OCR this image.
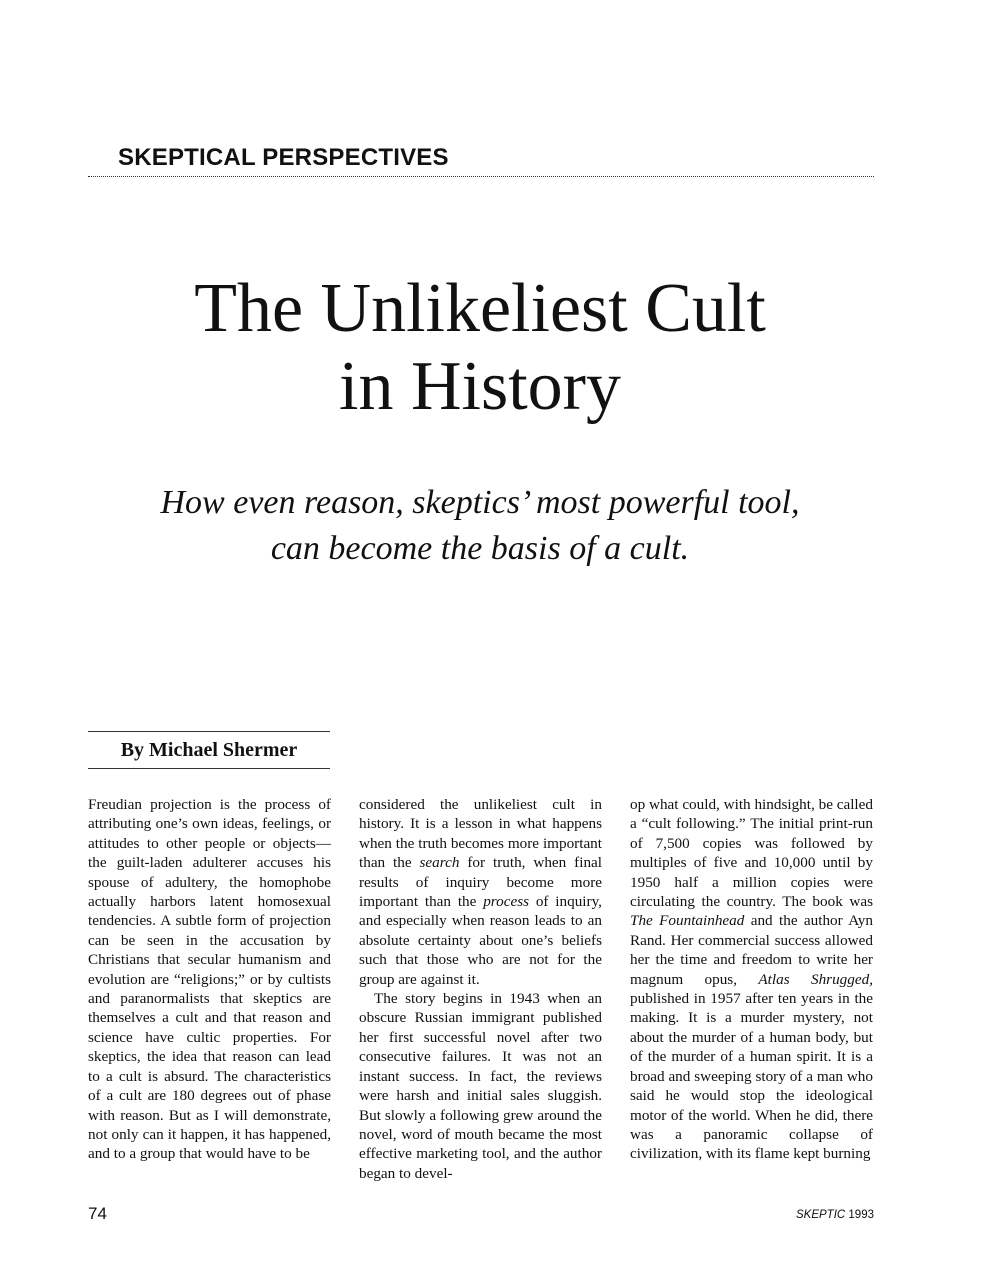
SKEPTICAL PERSPECTIVES
The Unlikeliest Cult
in History
How even reason, skeptics’ most powerful tool,
can become the basis of a cult.
By Michael Shermer

Freudian projection is the process of attributing one’s own ideas, feelings, or attitudes to other people or objects—the guilt-laden adulterer accuses his spouse of adultery, the homophobe actually harbors latent homosexual tendencies. A subtle form of projection can be seen in the accusation by Christians that secular humanism and evolution are “religions;” or by cultists and paranormalists that skeptics are themselves a cult and that reason and science have cultic properties. For skeptics, the idea that reason can lead to a cult is absurd. The characteristics of a cult are 180 degrees out of phase with reason. But as I will demonstrate, not only can it happen, it has happened, and to a group that would have to be

considered the unlikeliest cult in history. It is a lesson in what happens when the truth becomes more important than the search for truth, when final results of inquiry become more important than the process of inquiry, and especially when reason leads to an absolute certainty about one’s beliefs such that those who are not for the group are against it.

The story begins in 1943 when an obscure Russian immigrant published her first successful novel after two consecutive failures. It was not an instant success. In fact, the reviews were harsh and initial sales sluggish. But slowly a following grew around the novel, word of mouth became the most effective marketing tool, and the author began to devel-

op what could, with hindsight, be called a “cult following.” The initial print-run of 7,500 copies was followed by multiples of five and 10,000 until by 1950 half a million copies were circulating the country. The book was The Fountainhead and the author Ayn Rand. Her commercial success allowed her the time and freedom to write her magnum opus, Atlas Shrugged, published in 1957 after ten years in the making. It is a murder mystery, not about the murder of a human body, but of the murder of a human spirit. It is a broad and sweeping story of a man who said he would stop the ideological motor of the world. When he did, there was a panoramic collapse of civilization, with its flame kept burning

74	SKEPTIC 1993
